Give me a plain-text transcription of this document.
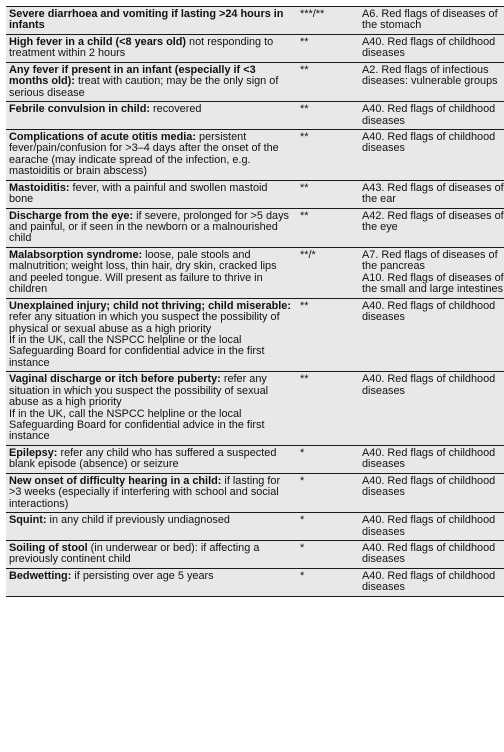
Severe diarrhoea and vomiting if lasting >24 hours in infants	***/**	A6. Red flags of diseases of the stomach

High fever in a child (<8 years old) not responding to treatment within 2 hours	**	A40. Red flags of childhood diseases

Any fever if present in an infant (especially if <3 months old): treat with caution; may be the only sign of serious disease	**	A2. Red flags of infectious diseases: vulnerable groups

Febrile convulsion in child: recovered	**	A40. Red flags of childhood diseases

Complications of acute otitis media: persistent fever/pain/confusion for >3–4 days after the onset of the earache (may indicate spread of the infection, e.g. mastoiditis or brain abscess)	**	A40. Red flags of childhood diseases

Mastoiditis: fever, with a painful and swollen mastoid bone	**	A43. Red flags of diseases of the ear

Discharge from the eye: if severe, prolonged for >5 days and painful, or if seen in the newborn or a malnourished child	**	A42. Red flags of diseases of the eye

Malabsorption syndrome: loose, pale stools and malnutrition; weight loss, thin hair, dry skin, cracked lips and peeled tongue. Will present as failure to thrive in children	**/*	A7. Red flags of diseases of the pancreas
A10. Red flags of diseases of the small and large intestines

Unexplained injury; child not thriving; child miserable: refer any situation in which you suspect the possibility of physical or sexual abuse as a high priority
If in the UK, call the NSPCC helpline or the local Safeguarding Board for confidential advice in the first instance	**	A40. Red flags of childhood diseases

Vaginal discharge or itch before puberty: refer any situation in which you suspect the possibility of sexual abuse as a high priority
If in the UK, call the NSPCC helpline or the local Safeguarding Board for confidential advice in the first instance	**	A40. Red flags of childhood diseases

Epilepsy: refer any child who has suffered a suspected blank episode (absence) or seizure	*	A40. Red flags of childhood diseases

New onset of difficulty hearing in a child: if lasting for >3 weeks (especially if interfering with school and social interactions)	*	A40. Red flags of childhood diseases

Squint: in any child if previously undiagnosed	*	A40. Red flags of childhood diseases

Soiling of stool (in underwear or bed): if affecting a previously continent child	*	A40. Red flags of childhood diseases

Bedwetting: if persisting over age 5 years	*	A40. Red flags of childhood diseases
